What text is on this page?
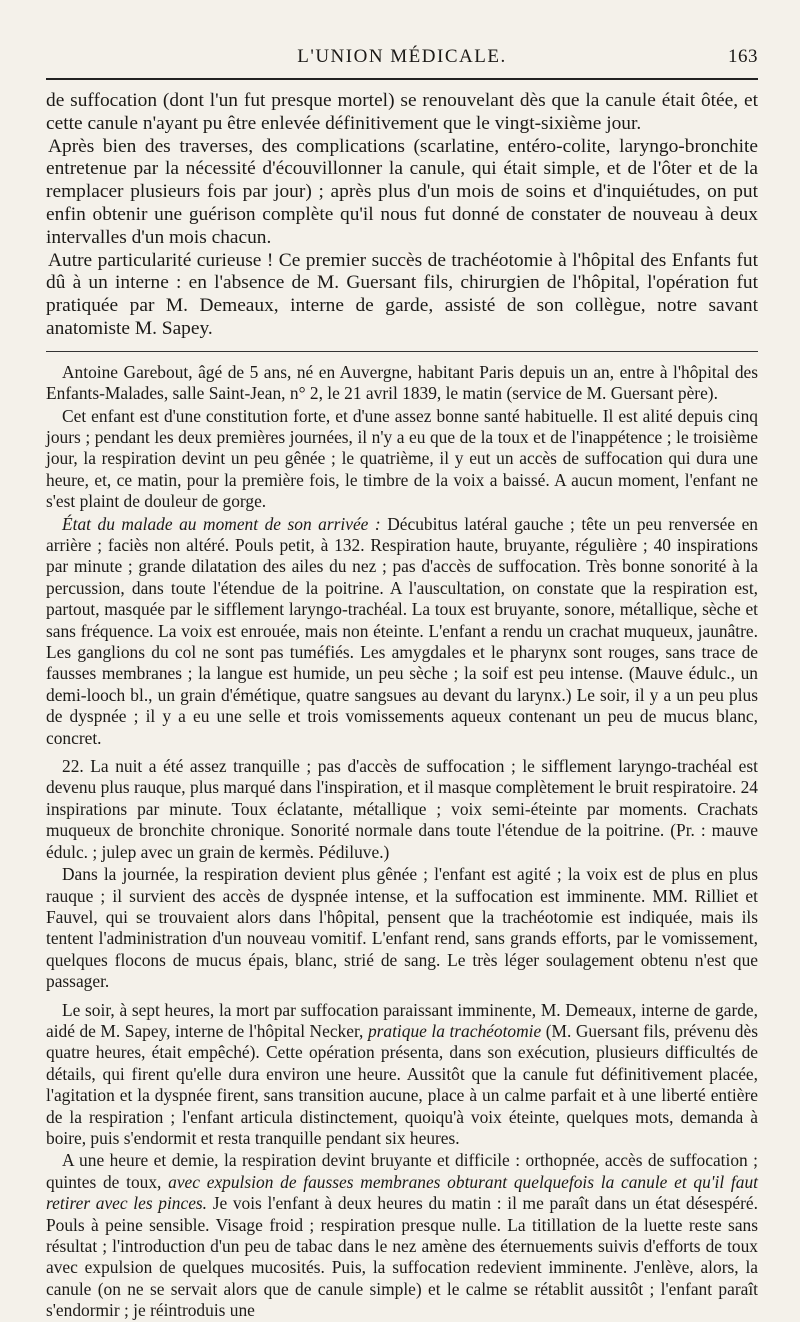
L'UNION MÉDICALE.	163

de suffocation (dont l'un fut presque mortel) se renouvelant dès que la canule était ôtée, et cette canule n'ayant pu être enlevée définitivement que le vingt-sixième jour.

Après bien des traverses, des complications (scarlatine, entéro-colite, laryngo-bronchite entretenue par la nécessité d'écouvillonner la canule, qui était simple, et de l'ôter et de la remplacer plusieurs fois par jour) ; après plus d'un mois de soins et d'inquiétudes, on put enfin obtenir une guérison complète qu'il nous fut donné de constater de nouveau à deux intervalles d'un mois chacun.

Autre particularité curieuse ! Ce premier succès de trachéotomie à l'hôpital des Enfants fut dû à un interne : en l'absence de M. Guersant fils, chirurgien de l'hôpital, l'opération fut pratiquée par M. Demeaux, interne de garde, assisté de son collègue, notre savant anatomiste M. Sapey.

Antoine Garebout, âgé de 5 ans, né en Auvergne, habitant Paris depuis un an, entre à l'hôpital des Enfants-Malades, salle Saint-Jean, n° 2, le 21 avril 1839, le matin (service de M. Guersant père).

Cet enfant est d'une constitution forte, et d'une assez bonne santé habituelle. Il est alité depuis cinq jours ; pendant les deux premières journées, il n'y a eu que de la toux et de l'inappétence ; le troisième jour, la respiration devint un peu gênée ; le quatrième, il y eut un accès de suffocation qui dura une heure, et, ce matin, pour la première fois, le timbre de la voix a baissé. A aucun moment, l'enfant ne s'est plaint de douleur de gorge.

État du malade au moment de son arrivée : Décubitus latéral gauche ; tête un peu renversée en arrière ; faciès non altéré. Pouls petit, à 132. Respiration haute, bruyante, régulière ; 40 inspirations par minute ; grande dilatation des ailes du nez ; pas d'accès de suffocation. Très bonne sonorité à la percussion, dans toute l'étendue de la poitrine. A l'auscultation, on constate que la respiration est, partout, masquée par le sifflement laryngo-trachéal. La toux est bruyante, sonore, métallique, sèche et sans fréquence. La voix est enrouée, mais non éteinte. L'enfant a rendu un crachat muqueux, jaunâtre. Les ganglions du col ne sont pas tuméfiés. Les amygdales et le pharynx sont rouges, sans trace de fausses membranes ; la langue est humide, un peu sèche ; la soif est peu intense. (Mauve édulc., un demi-looch bl., un grain d'émétique, quatre sangsues au devant du larynx.) Le soir, il y a un peu plus de dyspnée ; il y a eu une selle et trois vomissements aqueux contenant un peu de mucus blanc, concret.

22. La nuit a été assez tranquille ; pas d'accès de suffocation ; le sifflement laryngo-trachéal est devenu plus rauque, plus marqué dans l'inspiration, et il masque complètement le bruit respiratoire. 24 inspirations par minute. Toux éclatante, métallique ; voix semi-éteinte par moments. Crachats muqueux de bronchite chronique. Sonorité normale dans toute l'étendue de la poitrine. (Pr. : mauve édulc. ; julep avec un grain de kermès. Pédiluve.)

Dans la journée, la respiration devient plus gênée ; l'enfant est agité ; la voix est de plus en plus rauque ; il survient des accès de dyspnée intense, et la suffocation est imminente. MM. Rilliet et Fauvel, qui se trouvaient alors dans l'hôpital, pensent que la trachéotomie est indiquée, mais ils tentent l'administration d'un nouveau vomitif. L'enfant rend, sans grands efforts, par le vomissement, quelques flocons de mucus épais, blanc, strié de sang. Le très léger soulagement obtenu n'est que passager.

Le soir, à sept heures, la mort par suffocation paraissant imminente, M. Demeaux, interne de garde, aidé de M. Sapey, interne de l'hôpital Necker, pratique la trachéotomie (M. Guersant fils, prévenu dès quatre heures, était empêché). Cette opération présenta, dans son exécution, plusieurs difficultés de détails, qui firent qu'elle dura environ une heure. Aussitôt que la canule fut définitivement placée, l'agitation et la dyspnée firent, sans transition aucune, place à un calme parfait et à une liberté entière de la respiration ; l'enfant articula distinctement, quoiqu'à voix éteinte, quelques mots, demanda à boire, puis s'endormit et resta tranquille pendant six heures.

A une heure et demie, la respiration devint bruyante et difficile : orthopnée, accès de suffocation ; quintes de toux, avec expulsion de fausses membranes obturant quelquefois la canule et qu'il faut retirer avec les pinces. Je vois l'enfant à deux heures du matin : il me paraît dans un état désespéré. Pouls à peine sensible. Visage froid ; respiration presque nulle. La titillation de la luette reste sans résultat ; l'introduction d'un peu de tabac dans le nez amène des éternuements suivis d'efforts de toux avec expulsion de quelques mucosités. Puis, la suffocation redevient imminente. J'enlève, alors, la canule (on ne se servait alors que de canule simple) et le calme se rétablit aussitôt ; l'enfant paraît s'endormir ; je réintroduis une
